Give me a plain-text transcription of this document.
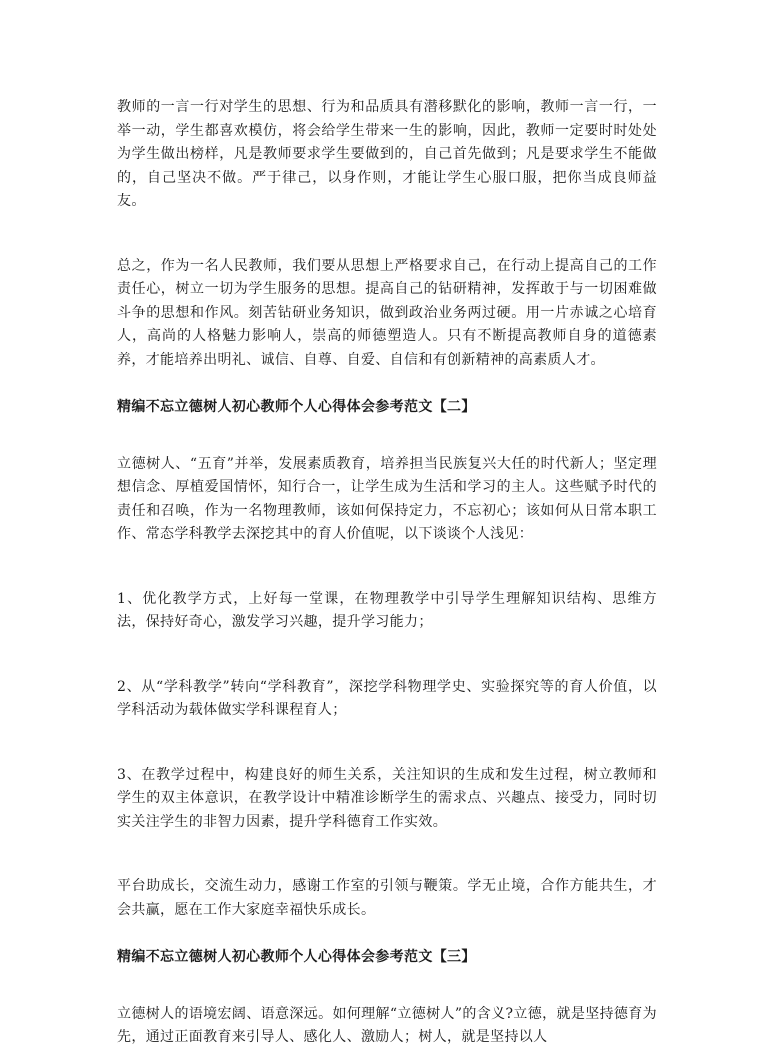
教师的一言一行对学生的思想、行为和品质具有潜移默化的影响，教师一言一行，一举一动，学生都喜欢模仿，将会给学生带来一生的影响，因此，教师一定要时时处处为学生做出榜样，凡是教师要求学生要做到的，自己首先做到；凡是要求学生不能做的，自己坚决不做。严于律己，以身作则，才能让学生心服口服，把你当成良师益友。

总之，作为一名人民教师，我们要从思想上严格要求自己，在行动上提高自己的工作责任心，树立一切为学生服务的思想。提高自己的钻研精神，发挥敢于与一切困难做斗争的思想和作风。刻苦钻研业务知识，做到政治业务两过硬。用一片赤诚之心培育人，高尚的人格魅力影响人，崇高的师德塑造人。只有不断提高教师自身的道德素养，才能培养出明礼、诚信、自尊、自爱、自信和有创新精神的高素质人才。

精编不忘立德树人初心教师个人心得体会参考范文【二】

立德树人、“五育”并举，发展素质教育，培养担当民族复兴大任的时代新人；坚定理想信念、厚植爱国情怀，知行合一，让学生成为生活和学习的主人。这些赋予时代的责任和召唤，作为一名物理教师，该如何保持定力，不忘初心；该如何从日常本职工作、常态学科教学去深挖其中的育人价值呢，以下谈谈个人浅见：

1、优化教学方式，上好每一堂课，在物理教学中引导学生理解知识结构、思维方法，保持好奇心，激发学习兴趣，提升学习能力；

2、从“学科教学”转向“学科教育”，深挖学科物理学史、实验探究等的育人价值，以学科活动为载体做实学科课程育人；

3、在教学过程中，构建良好的师生关系，关注知识的生成和发生过程，树立教师和学生的双主体意识，在教学设计中精准诊断学生的需求点、兴趣点、接受力，同时切实关注学生的非智力因素，提升学科德育工作实效。

平台助成长，交流生动力，感谢工作室的引领与鞭策。学无止境，合作方能共生，才会共赢，愿在工作大家庭幸福快乐成长。

精编不忘立德树人初心教师个人心得体会参考范文【三】

立德树人的语境宏阔、语意深远。如何理解“立德树人”的含义?立德，就是坚持德育为先，通过正面教育来引导人、感化人、激励人；树人，就是坚持以人
